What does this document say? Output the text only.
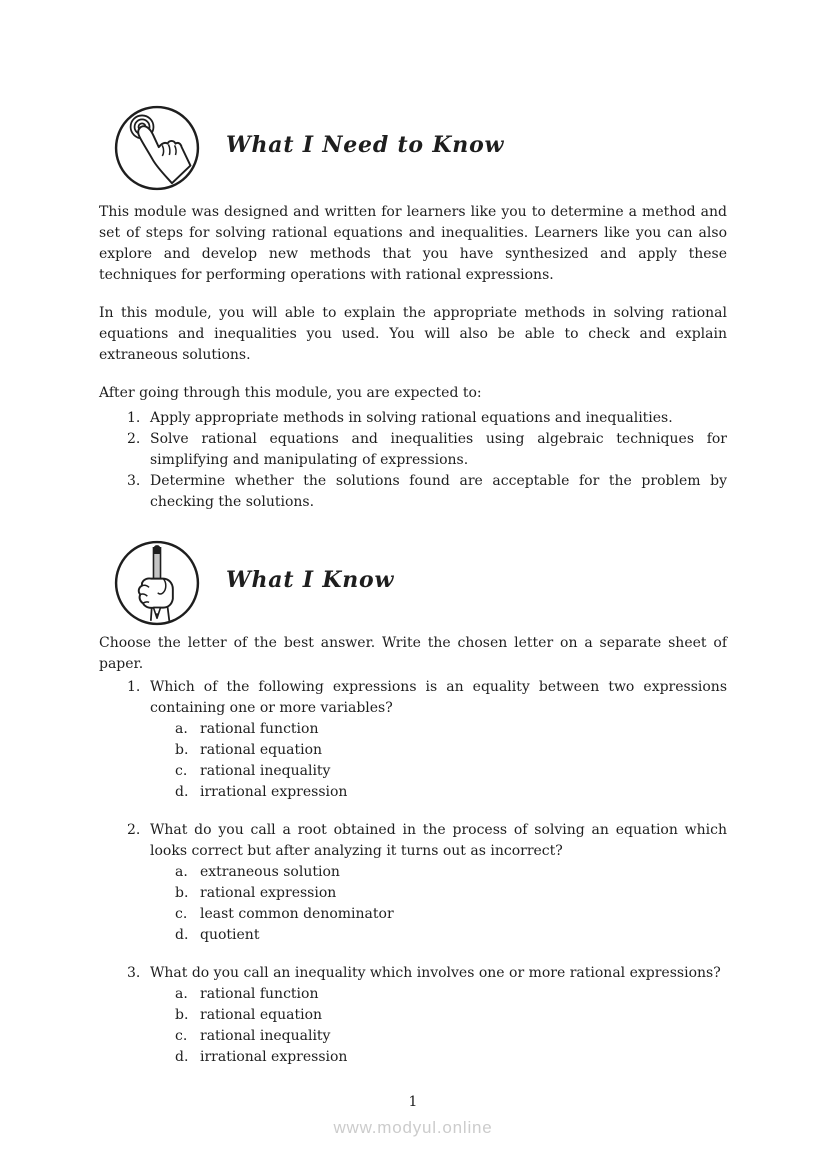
What I Need to Know

This module was designed and written for learners like you to determine a method and set of steps for solving rational equations and inequalities. Learners like you can also explore and develop new methods that you have synthesized and apply these techniques for performing operations with rational expressions.

In this module, you will able to explain the appropriate methods in solving rational equations and inequalities you used. You will also be able to check and explain extraneous solutions.

After going through this module, you are expected to:

1. Apply appropriate methods in solving rational equations and inequalities.
2. Solve rational equations and inequalities using algebraic techniques for simplifying and manipulating of expressions.
3. Determine whether the solutions found are acceptable for the problem by checking the solutions.
What I Know

Choose the letter of the best answer. Write the chosen letter on a separate sheet of paper.

1. Which of the following expressions is an equality between two expressions containing one or more variables?
a. rational function
b. rational equation
c. rational inequality
d. irrational expression
2. What do you call a root obtained in the process of solving an equation which looks correct but after analyzing it turns out as incorrect?
a. extraneous solution
b. rational expression
c. least common denominator
d. quotient
3. What do you call an inequality which involves one or more rational expressions?
a. rational function
b. rational equation
c. rational inequality
d. irrational expression
1
www.modyul.online
